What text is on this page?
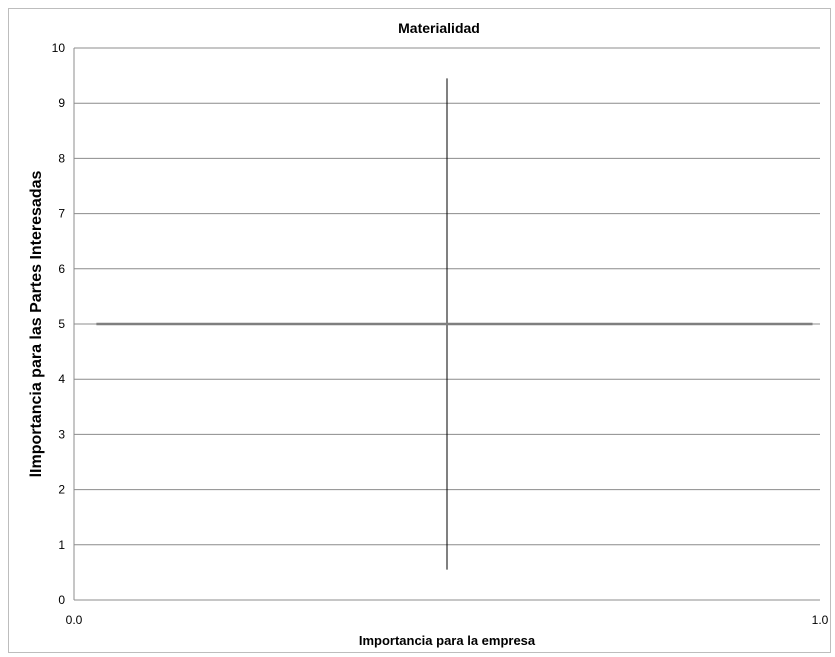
Materialidad
0
1
2
3
4
5
6
7
8
9
10
0.0	1.0
Importancia para la empresa
lImportancia para las Partes Interesadas
